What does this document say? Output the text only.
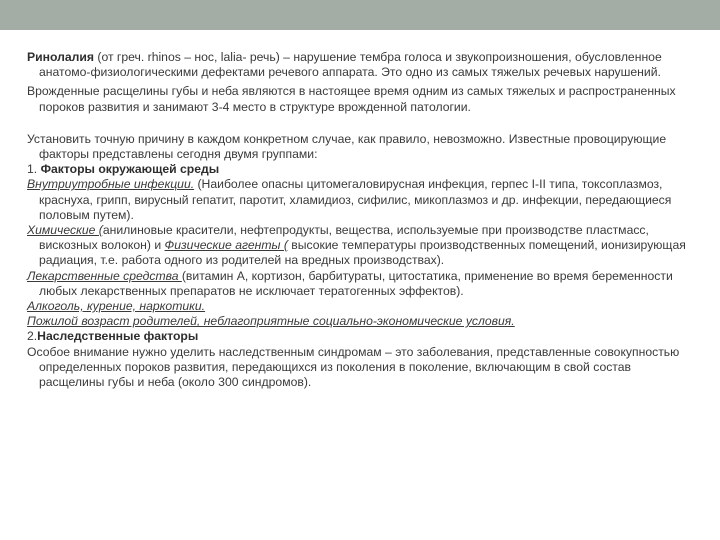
Ринолалия (от греч. rhinos – нос, lalia- речь) – нарушение тембра голоса и звукопроизношения, обусловленное анатомо-физиологическими дефектами речевого аппарата. Это одно из самых тяжелых речевых нарушений.

Врожденные расщелины губы и неба являются в настоящее время одним из самых тяжелых и распространенных пороков развития и занимают 3-4 место в структуре врожденной патологии.

Установить точную причину в каждом конкретном случае, как правило, невозможно. Известные провоцирующие факторы представлены сегодня двумя группами:

1. Факторы окружающей среды

Внутриутробные инфекции. (Наиболее опасны цитомегаловирусная инфекция, герпес I-II типа, токсоплазмоз, краснуха, грипп, вирусный гепатит, паротит, хламидиоз, сифилис, микоплазмоз и др. инфекции, передающиеся половым путем).

Химические (анилиновые красители, нефтепродукты, вещества, используемые при производстве пластмасс, вискозных волокон) и Физические агенты ( высокие температуры производственных помещений, ионизирующая радиация, т.е. работа одного из родителей на вредных производствах).

Лекарственные средства (витамин А, кортизон, барбитураты, цитостатика, применение во время беременности любых лекарственных препаратов не исключает тератогенных эффектов).

Алкоголь, курение, наркотики.

Пожилой возраст родителей, неблагоприятные социально-экономические условия.

2.Наследственные факторы

Особое внимание нужно уделить наследственным синдромам – это заболевания, представленные совокупностью определенных пороков развития, передающихся из поколения в поколение, включающим в свой состав расщелины губы и неба (около 300 синдромов).
